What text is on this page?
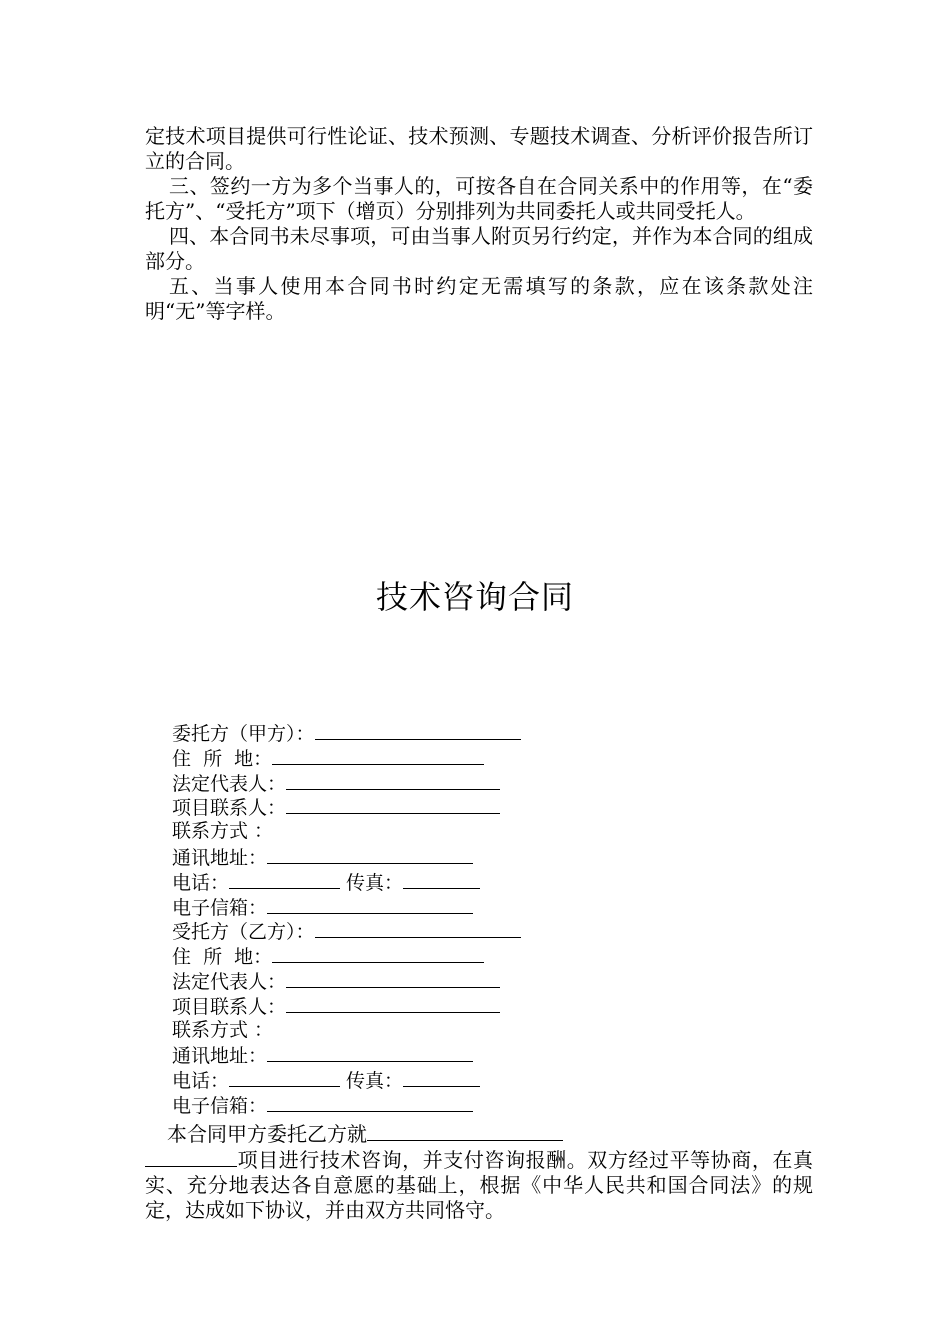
定技术项目提供可行性论证、技术预测、专题技术调查、分析评价报告所订立的合同。

三、签约一方为多个当事人的，可按各自在合同关系中的作用等，在“委托方”、“受托方”项下（增页）分别排列为共同委托人或共同受托人。

四、本合同书未尽事项，可由当事人附页另行约定，并作为本合同的组成部分。

五、当事人使用本合同书时约定无需填写的条款，应在该条款处注明“无”等字样。

技术咨询合同
委托方（甲方）：
住  所  地：
法定代表人：
项目联系人：
联系方式 ：
通讯地址：
电话：	传真：
电子信箱：
受托方（乙方）：
住  所  地：
法定代表人：
项目联系人：
联系方式 ：
通讯地址：
电话：	传真：
电子信箱：
本合同甲方委托乙方就

项目进行技术咨询，并支付咨询报酬。双方经过平等协商，在真实、充分地表达各自意愿的基础上，根据《中华人民共和国合同法》的规定，达成如下协议，并由双方共同恪守。
